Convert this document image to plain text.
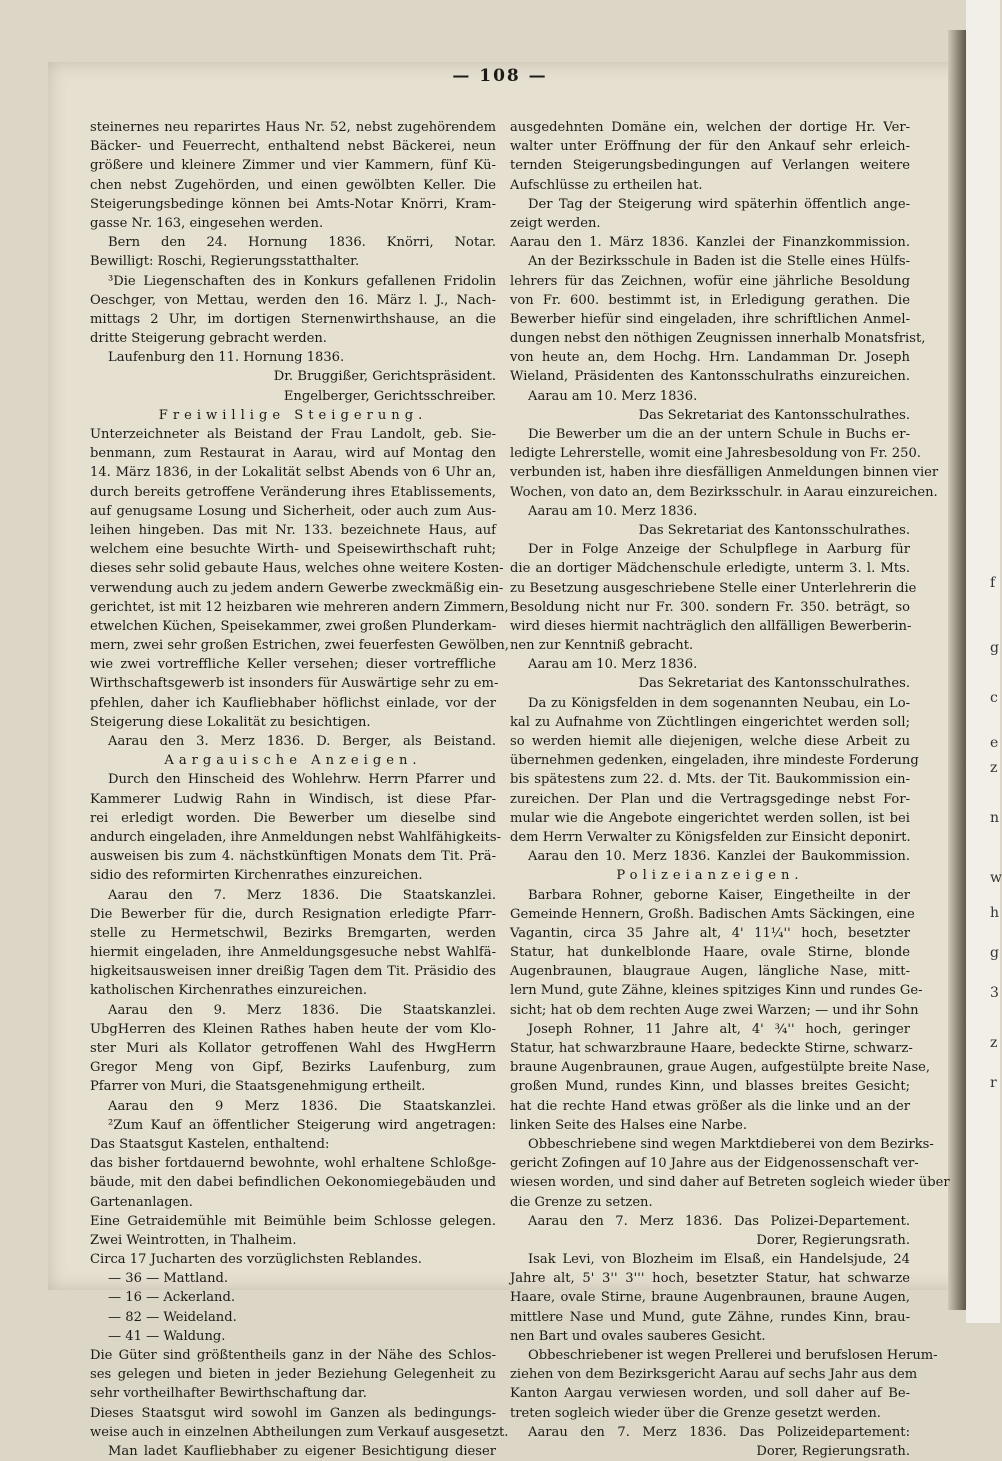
f
g
c
e
z
n
w
h
g
3
z
r
— 108 —
steinernes neu reparirtes Haus Nr. 52, nebst zugehörendem
Bäcker- und Feuerrecht, enthaltend nebst Bäckerei, neun
größere und kleinere Zimmer und vier Kammern, fünf Kü-
chen nebst Zugehörden, und einen gewölbten Keller. Die
Steigerungsbedinge können bei Amts-Notar Knörri, Kram-
gasse Nr. 163, eingesehen werden.
Bern den 24. Hornung 1836. Knörri, Notar.
Bewilligt: Roschi, Regierungsstatthalter.
³Die Liegenschaften des in Konkurs gefallenen Fridolin
Oeschger, von Mettau, werden den 16. März l. J., Nach-
mittags 2 Uhr, im dortigen Sternenwirthshause, an die
dritte Steigerung gebracht werden.
Laufenburg den 11. Hornung 1836.
Dr. Bruggißer, Gerichtspräsident.
Engelberger, Gerichtsschreiber.
Freiwillige Steigerung.
Unterzeichneter als Beistand der Frau Landolt, geb. Sie-
benmann, zum Restaurat in Aarau, wird auf Montag den
14. März 1836, in der Lokalität selbst Abends von 6 Uhr an,
durch bereits getroffene Veränderung ihres Etablissements,
auf genugsame Losung und Sicherheit, oder auch zum Aus-
leihen hingeben. Das mit Nr. 133. bezeichnete Haus, auf
welchem eine besuchte Wirth- und Speisewirthschaft ruht;
dieses sehr solid gebaute Haus, welches ohne weitere Kosten-
verwendung auch zu jedem andern Gewerbe zweckmäßig ein-
gerichtet, ist mit 12 heizbaren wie mehreren andern Zimmern,
etwelchen Küchen, Speisekammer, zwei großen Plunderkam-
mern, zwei sehr großen Estrichen, zwei feuerfesten Gewölben,
wie zwei vortreffliche Keller versehen; dieser vortreffliche
Wirthschaftsgewerb ist insonders für Auswärtige sehr zu em-
pfehlen, daher ich Kaufliebhaber höflichst einlade, vor der
Steigerung diese Lokalität zu besichtigen.
Aarau den 3. Merz 1836. D. Berger, als Beistand.
Aargauische Anzeigen.
Durch den Hinscheid des Wohlehrw. Herrn Pfarrer und
Kammerer Ludwig Rahn in Windisch, ist diese Pfar-
rei erledigt worden. Die Bewerber um dieselbe sind
andurch eingeladen, ihre Anmeldungen nebst Wahlfähigkeits-
ausweisen bis zum 4. nächstkünftigen Monats dem Tit. Prä-
sidio des reformirten Kirchenrathes einzureichen.
Aarau den 7. Merz 1836. Die Staatskanzlei.
Die Bewerber für die, durch Resignation erledigte Pfarr-
stelle zu Hermetschwil, Bezirks Bremgarten, werden
hiermit eingeladen, ihre Anmeldungsgesuche nebst Wahlfä-
higkeitsausweisen inner dreißig Tagen dem Tit. Präsidio des
katholischen Kirchenrathes einzureichen.
Aarau den 9. Merz 1836. Die Staatskanzlei.
UbgHerren des Kleinen Rathes haben heute der vom Klo-
ster Muri als Kollator getroffenen Wahl des HwgHerrn
Gregor Meng von Gipf, Bezirks Laufenburg, zum
Pfarrer von Muri, die Staatsgenehmigung ertheilt.
Aarau den 9 Merz 1836. Die Staatskanzlei.
²Zum Kauf an öffentlicher Steigerung wird angetragen:
Das Staatsgut Kastelen, enthaltend:
das bisher fortdauernd bewohnte, wohl erhaltene Schloßge-
bäude, mit den dabei befindlichen Oekonomiegebäuden und
Gartenanlagen.
Eine Getraidemühle mit Beimühle beim Schlosse gelegen.
Zwei Weintrotten, in Thalheim.
Circa 17 Jucharten des vorzüglichsten Reblandes.
— 36 — Mattland.
— 16 — Ackerland.
— 82 — Weideland.
— 41 — Waldung.
Die Güter sind größtentheils ganz in der Nähe des Schlos-
ses gelegen und bieten in jeder Beziehung Gelegenheit zu
sehr vortheilhafter Bewirthschaftung dar.
Dieses Staatsgut wird sowohl im Ganzen als bedingungs-
weise auch in einzelnen Abtheilungen zum Verkauf ausgesetzt.
Man ladet Kaufliebhaber zu eigener Besichtigung dieser
ausgedehnten Domäne ein, welchen der dortige Hr. Ver-
walter unter Eröffnung der für den Ankauf sehr erleich-
ternden Steigerungsbedingungen auf Verlangen weitere
Aufschlüsse zu ertheilen hat.
Der Tag der Steigerung wird späterhin öffentlich ange-
zeigt werden.
Aarau den 1. März 1836. Kanzlei der Finanzkommission.
An der Bezirksschule in Baden ist die Stelle eines Hülfs-
lehrers für das Zeichnen, wofür eine jährliche Besoldung
von Fr. 600. bestimmt ist, in Erledigung gerathen. Die
Bewerber hiefür sind eingeladen, ihre schriftlichen Anmel-
dungen nebst den nöthigen Zeugnissen innerhalb Monatsfrist,
von heute an, dem Hochg. Hrn. Landamman Dr. Joseph
Wieland, Präsidenten des Kantonsschulraths einzureichen.
Aarau am 10. Merz 1836.
Das Sekretariat des Kantonsschulrathes.
Die Bewerber um die an der untern Schule in Buchs er-
ledigte Lehrerstelle, womit eine Jahresbesoldung von Fr. 250.
verbunden ist, haben ihre diesfälligen Anmeldungen binnen vier
Wochen, von dato an, dem Bezirksschulr. in Aarau einzureichen.
Aarau am 10. Merz 1836.
Das Sekretariat des Kantonsschulrathes.
Der in Folge Anzeige der Schulpflege in Aarburg für
die an dortiger Mädchenschule erledigte, unterm 3. l. Mts.
zu Besetzung ausgeschriebene Stelle einer Unterlehrerin die
Besoldung nicht nur Fr. 300. sondern Fr. 350. beträgt, so
wird dieses hiermit nachträglich den allfälligen Bewerberin-
nen zur Kenntniß gebracht.
Aarau am 10. Merz 1836.
Das Sekretariat des Kantonsschulrathes.
Da zu Königsfelden in dem sogenannten Neubau, ein Lo-
kal zu Aufnahme von Züchtlingen eingerichtet werden soll;
so werden hiemit alle diejenigen, welche diese Arbeit zu
übernehmen gedenken, eingeladen, ihre mindeste Forderung
bis spätestens zum 22. d. Mts. der Tit. Baukommission ein-
zureichen. Der Plan und die Vertragsgedinge nebst For-
mular wie die Angebote eingerichtet werden sollen, ist bei
dem Herrn Verwalter zu Königsfelden zur Einsicht deponirt.
Aarau den 10. Merz 1836. Kanzlei der Baukommission.
Polizeianzeigen.
Barbara Rohner, geborne Kaiser, Eingetheilte in der
Gemeinde Hennern, Großh. Badischen Amts Säckingen, eine
Vagantin, circa 35 Jahre alt, 4' 11¼'' hoch, besetzter
Statur, hat dunkelblonde Haare, ovale Stirne, blonde
Augenbraunen, blaugraue Augen, längliche Nase, mitt-
lern Mund, gute Zähne, kleines spitziges Kinn und rundes Ge-
sicht; hat ob dem rechten Auge zwei Warzen; — und ihr Sohn
Joseph Rohner, 11 Jahre alt, 4' ¾'' hoch, geringer
Statur, hat schwarzbraune Haare, bedeckte Stirne, schwarz-
braune Augenbraunen, graue Augen, aufgestülpte breite Nase,
großen Mund, rundes Kinn, und blasses breites Gesicht;
hat die rechte Hand etwas größer als die linke und an der
linken Seite des Halses eine Narbe.
Obbeschriebene sind wegen Marktdieberei von dem Bezirks-
gericht Zofingen auf 10 Jahre aus der Eidgenossenschaft ver-
wiesen worden, und sind daher auf Betreten sogleich wieder über
die Grenze zu setzen.
Aarau den 7. Merz 1836. Das Polizei-Departement.
Dorer, Regierungsrath.
Isak Levi, von Blozheim im Elsaß, ein Handelsjude, 24
Jahre alt, 5' 3'' 3''' hoch, besetzter Statur, hat schwarze
Haare, ovale Stirne, braune Augenbraunen, braune Augen,
mittlere Nase und Mund, gute Zähne, rundes Kinn, brau-
nen Bart und ovales sauberes Gesicht.
Obbeschriebener ist wegen Prellerei und berufslosen Herum-
ziehen von dem Bezirksgericht Aarau auf sechs Jahr aus dem
Kanton Aargau verwiesen worden, und soll daher auf Be-
treten sogleich wieder über die Grenze gesetzt werden.
Aarau den 7. Merz 1836. Das Polizeidepartement:
Dorer, Regierungsrath.
